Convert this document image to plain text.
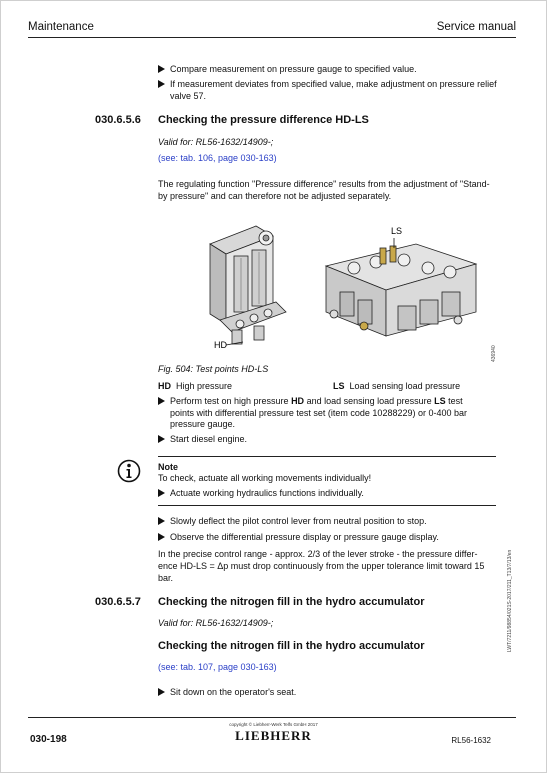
Maintenance	Service manual
Compare measurement on pressure gauge to specified value.
If measurement deviates from specified value, make adjustment on pressure relief valve 57.
030.6.5.6 Checking the pressure difference HD-LS
Valid for: RL56-1632/14909-;
(see: tab. 106, page 030-163)
The regulating function "Pressure difference" results from the adjustment of "Stand-
by pressure" and can therefore not be adjusted separately.
HD
LS
436940
Fig. 504: Test points HD-LS
HD High pressure	LS Load sensing load pressure
Perform test on high pressure HD and load sensing load pressure LS test
points with differential pressure test set (item code 10288229) or 0-400 bar
pressure gauge.
Start diesel engine.
Note
To check, actuate all working movements individually!
Actuate working hydraulics functions individually.
Slowly deflect the pilot control lever from neutral position to stop.
Observe the differential pressure display or pressure gauge display.
In the precise control range - approx. 2/3 of the lever stroke - the pressure differ-
ence HD-LS = Δp must drop continuously from the upper tolerance limit toward 15
bar.	LWT/7211/98854/021S-2017/211_T13/7/13/en
030.6.5.7 Checking the nitrogen fill in the hydro accumulator
Valid for: RL56-1632/14909-;
Checking the nitrogen fill in the hydro accumulator
(see: tab. 107, page 030-163)
Sit down on the operator's seat.
copyright © Liebherr-Werk Telfs GmbH 2017
LIEBHERR
030-198	RL56-1632
